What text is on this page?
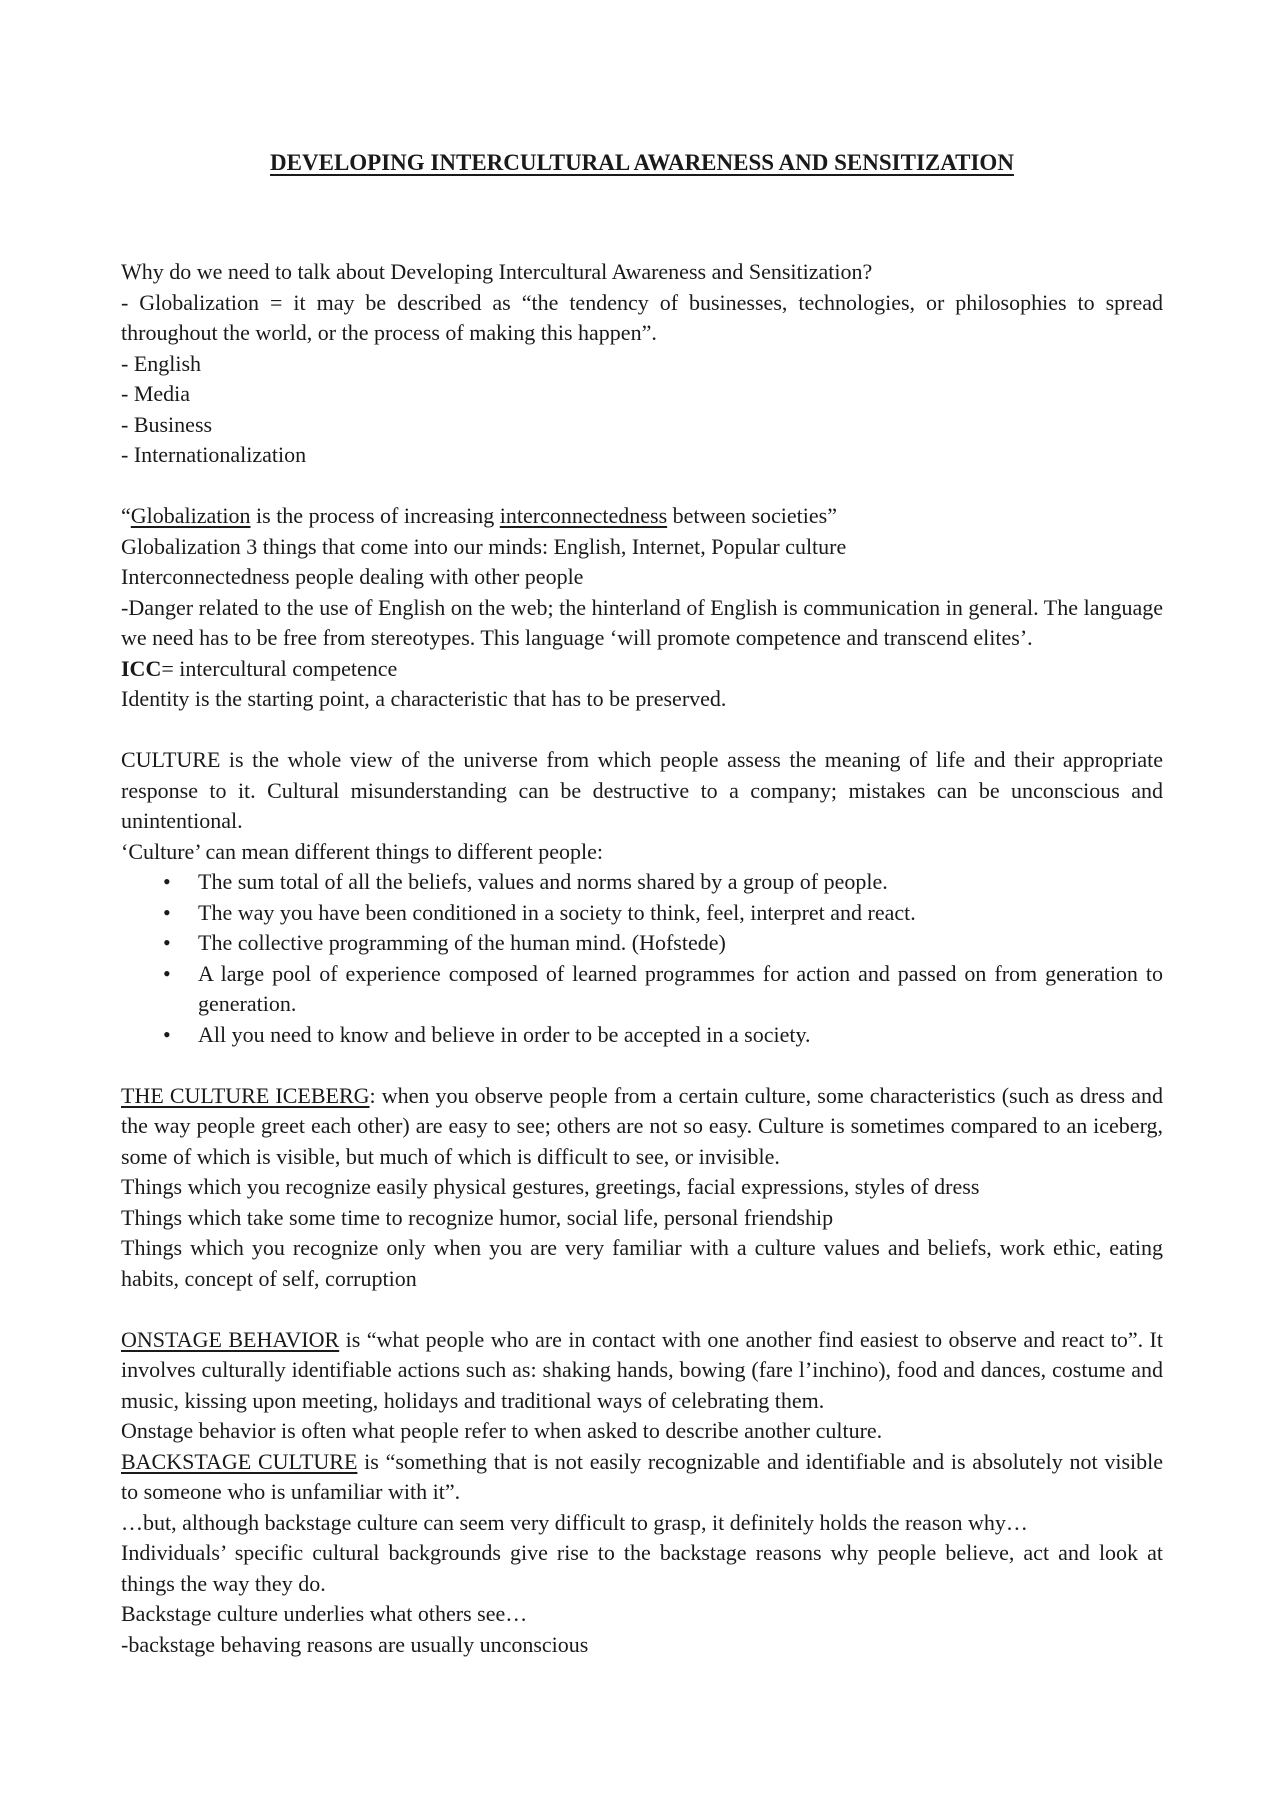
DEVELOPING INTERCULTURAL AWARENESS AND SENSITIZATION

Why do we need to talk about Developing Intercultural Awareness and Sensitization?

- Globalization = it may be described as “the tendency of businesses, technologies, or philosophies to spread throughout the world, or the process of making this happen”.

- English

- Media

- Business

- Internationalization

“Globalization is the process of increasing interconnectedness between societies”

Globalization 3 things that come into our minds: English, Internet, Popular culture

Interconnectedness people dealing with other people

-Danger related to the use of English on the web; the hinterland of English is communication in general. The language we need has to be free from stereotypes. This language ‘will promote competence and transcend elites’.

ICC= intercultural competence

Identity is the starting point, a characteristic that has to be preserved.

CULTURE is the whole view of the universe from which people assess the meaning of life and their appropriate response to it. Cultural misunderstanding can be destructive to a company; mistakes can be unconscious and unintentional.

‘Culture’ can mean different things to different people:

• The sum total of all the beliefs, values and norms shared by a group of people.
• The way you have been conditioned in a society to think, feel, interpret and react.
• The collective programming of the human mind. (Hofstede)
• A large pool of experience composed of learned programmes for action and passed on from generation to generation.
• All you need to know and believe in order to be accepted in a society.

THE CULTURE ICEBERG: when you observe people from a certain culture, some characteristics (such as dress and the way people greet each other) are easy to see; others are not so easy. Culture is sometimes compared to an iceberg, some of which is visible, but much of which is difficult to see, or invisible.

Things which you recognize easily physical gestures, greetings, facial expressions, styles of dress

Things which take some time to recognize humor, social life, personal friendship

Things which you recognize only when you are very familiar with a culture values and beliefs, work ethic, eating habits, concept of self, corruption

ONSTAGE BEHAVIOR is “what people who are in contact with one another find easiest to observe and react to”. It involves culturally identifiable actions such as: shaking hands, bowing (fare l’inchino), food and dances, costume and music, kissing upon meeting, holidays and traditional ways of celebrating them.

Onstage behavior is often what people refer to when asked to describe another culture.

BACKSTAGE CULTURE is “something that is not easily recognizable and identifiable and is absolutely not visible to someone who is unfamiliar with it”.

…but, although backstage culture can seem very difficult to grasp, it definitely holds the reason why…

Individuals’ specific cultural backgrounds give rise to the backstage reasons why people believe, act and look at things the way they do.

Backstage culture underlies what others see…

-backstage behaving reasons are usually unconscious
